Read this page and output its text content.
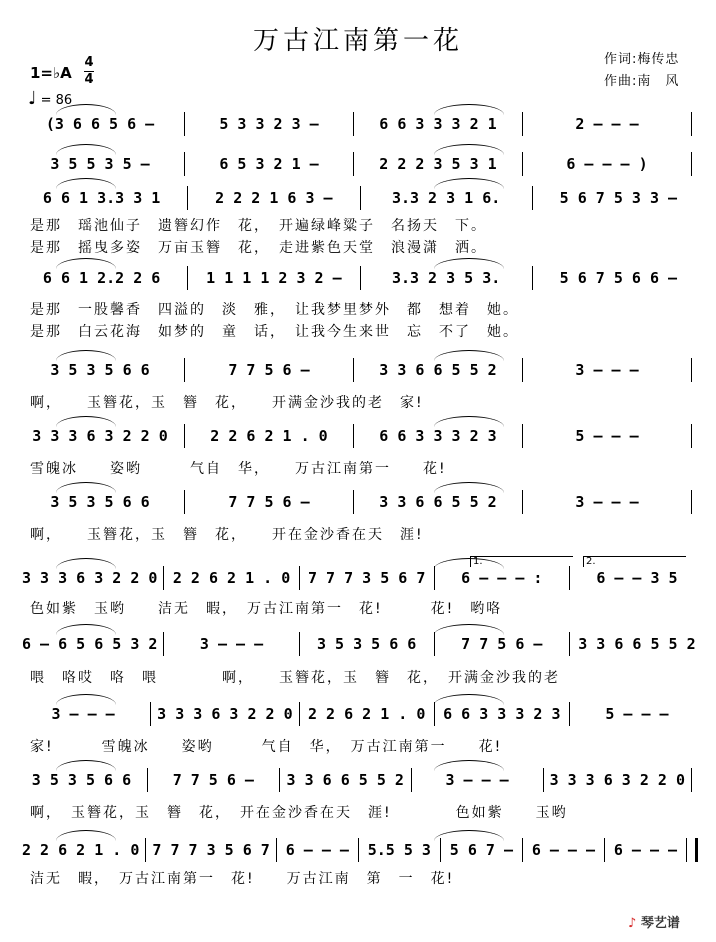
万古江南第一花
作词:梅传忠
作曲:南　风
1=♭A
4
4
♩ = 86
(3 6 6 5 6 –	5 3 3 2 3 –	6 6 3 3 3 2 1	2 – – –
3 5 5 3 5 –	6 5 3 2 1 –	2 2 2 3 5 3 1	6 – – – )
6 6 1 3.3 3 1	2 2 2 1 6 3 –	3.3 2 3 1 6.	5 6 7 5 3 3 –
6 6 1 2.2 2 6	1 1 1 1 2 3 2 –	3.3 2 3 5 3.	5 6 7 5 6 6 –
3 5 3 5 6 6	7 7 5 6 –	3 3 6 6 5 5 2	3 – – –
3 3 3 6 3 2 2 0	2 2 6 2 1 . 0	6 6 3 3 3 2 3	5 – – –
3 5 3 5 6 6	7 7 5 6 –	3 3 6 6 5 5 2	3 – – –
3 3 3 6 3 2 2 0 2 2 6 2 1 . 0 7 7 7 3 5 6 7	6 – – – :	6 – – 3 5
6 – 6 5 6 5 3 2	3 – – –	3 5 3 5 6 6	7 7 5 6 –	3 3 6 6 5 5 2
3 – – –	3 3 3 6 3 2 2 0 2 2 6 2 1 . 0 6 6 3 3 3 2 3	5 – – –
3 5 3 5 6 6	7 7 5 6 –	3 3 6 6 5 5 2	3 – – –	3 3 3 6 3 2 2 0
2 2 6 2 1 . 0 7 7 7 3 5 6 7 6 – – – 5.5 5 3 5 6 7 – 6 – – – 6 – – –
是那　瑶池仙子　遗簪幻作　花，　开遍绿峰粱子　名扬天　下。
是那　摇曳多姿　万亩玉簪　花，　走进紫色天堂　浪漫潇　洒。
是那　一股馨香　四溢的　淡　雅，　让我梦里梦外　都　想着　她。
是那　白云花海　如梦的　童　话，　让我今生来世　忘　不了　她。
啊，　　玉簪花，玉　簪　花，　　开满金沙我的老　家!
雪魄冰　　姿哟　　　气自　华，　　万古江南第一　　花!
啊，　　玉簪花，玉　簪　花，　　开在金沙香在天　涯!
色如紫　玉哟　　洁无　暇，　万古江南第一　花!　　　花!　哟咯
喂　咯哎　咯　喂　　　　啊，　　玉簪花，玉　簪　花，　开满金沙我的老
家!　　　雪魄冰　　姿哟　　　气自　华，　万古江南第一　　花!
啊，　玉簪花，玉　簪　花，　开在金沙香在天　涯!　　　　色如紫　　玉哟
洁无　暇，　万古江南第一　花!　　万古江南　第　一　花!
1.	2.
♪ 琴艺谱
